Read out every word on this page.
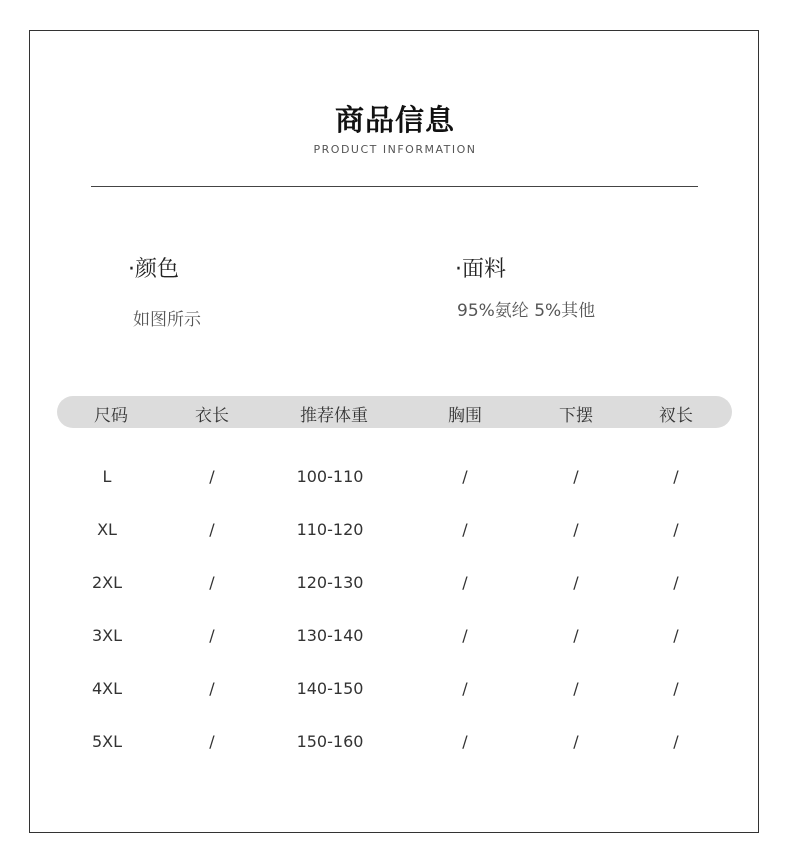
商品信息
PRODUCT INFORMATION
·颜色
如图所示
·面料
95%氨纶 5%其他
尺码	衣长	推荐体重	胸围	下摆	衩长
L	/	100-110	/	/	/
XL	/	110-120	/	/	/
2XL	/	120-130	/	/	/
3XL	/	130-140	/	/	/
4XL	/	140-150	/	/	/
5XL	/	150-160	/	/	/
